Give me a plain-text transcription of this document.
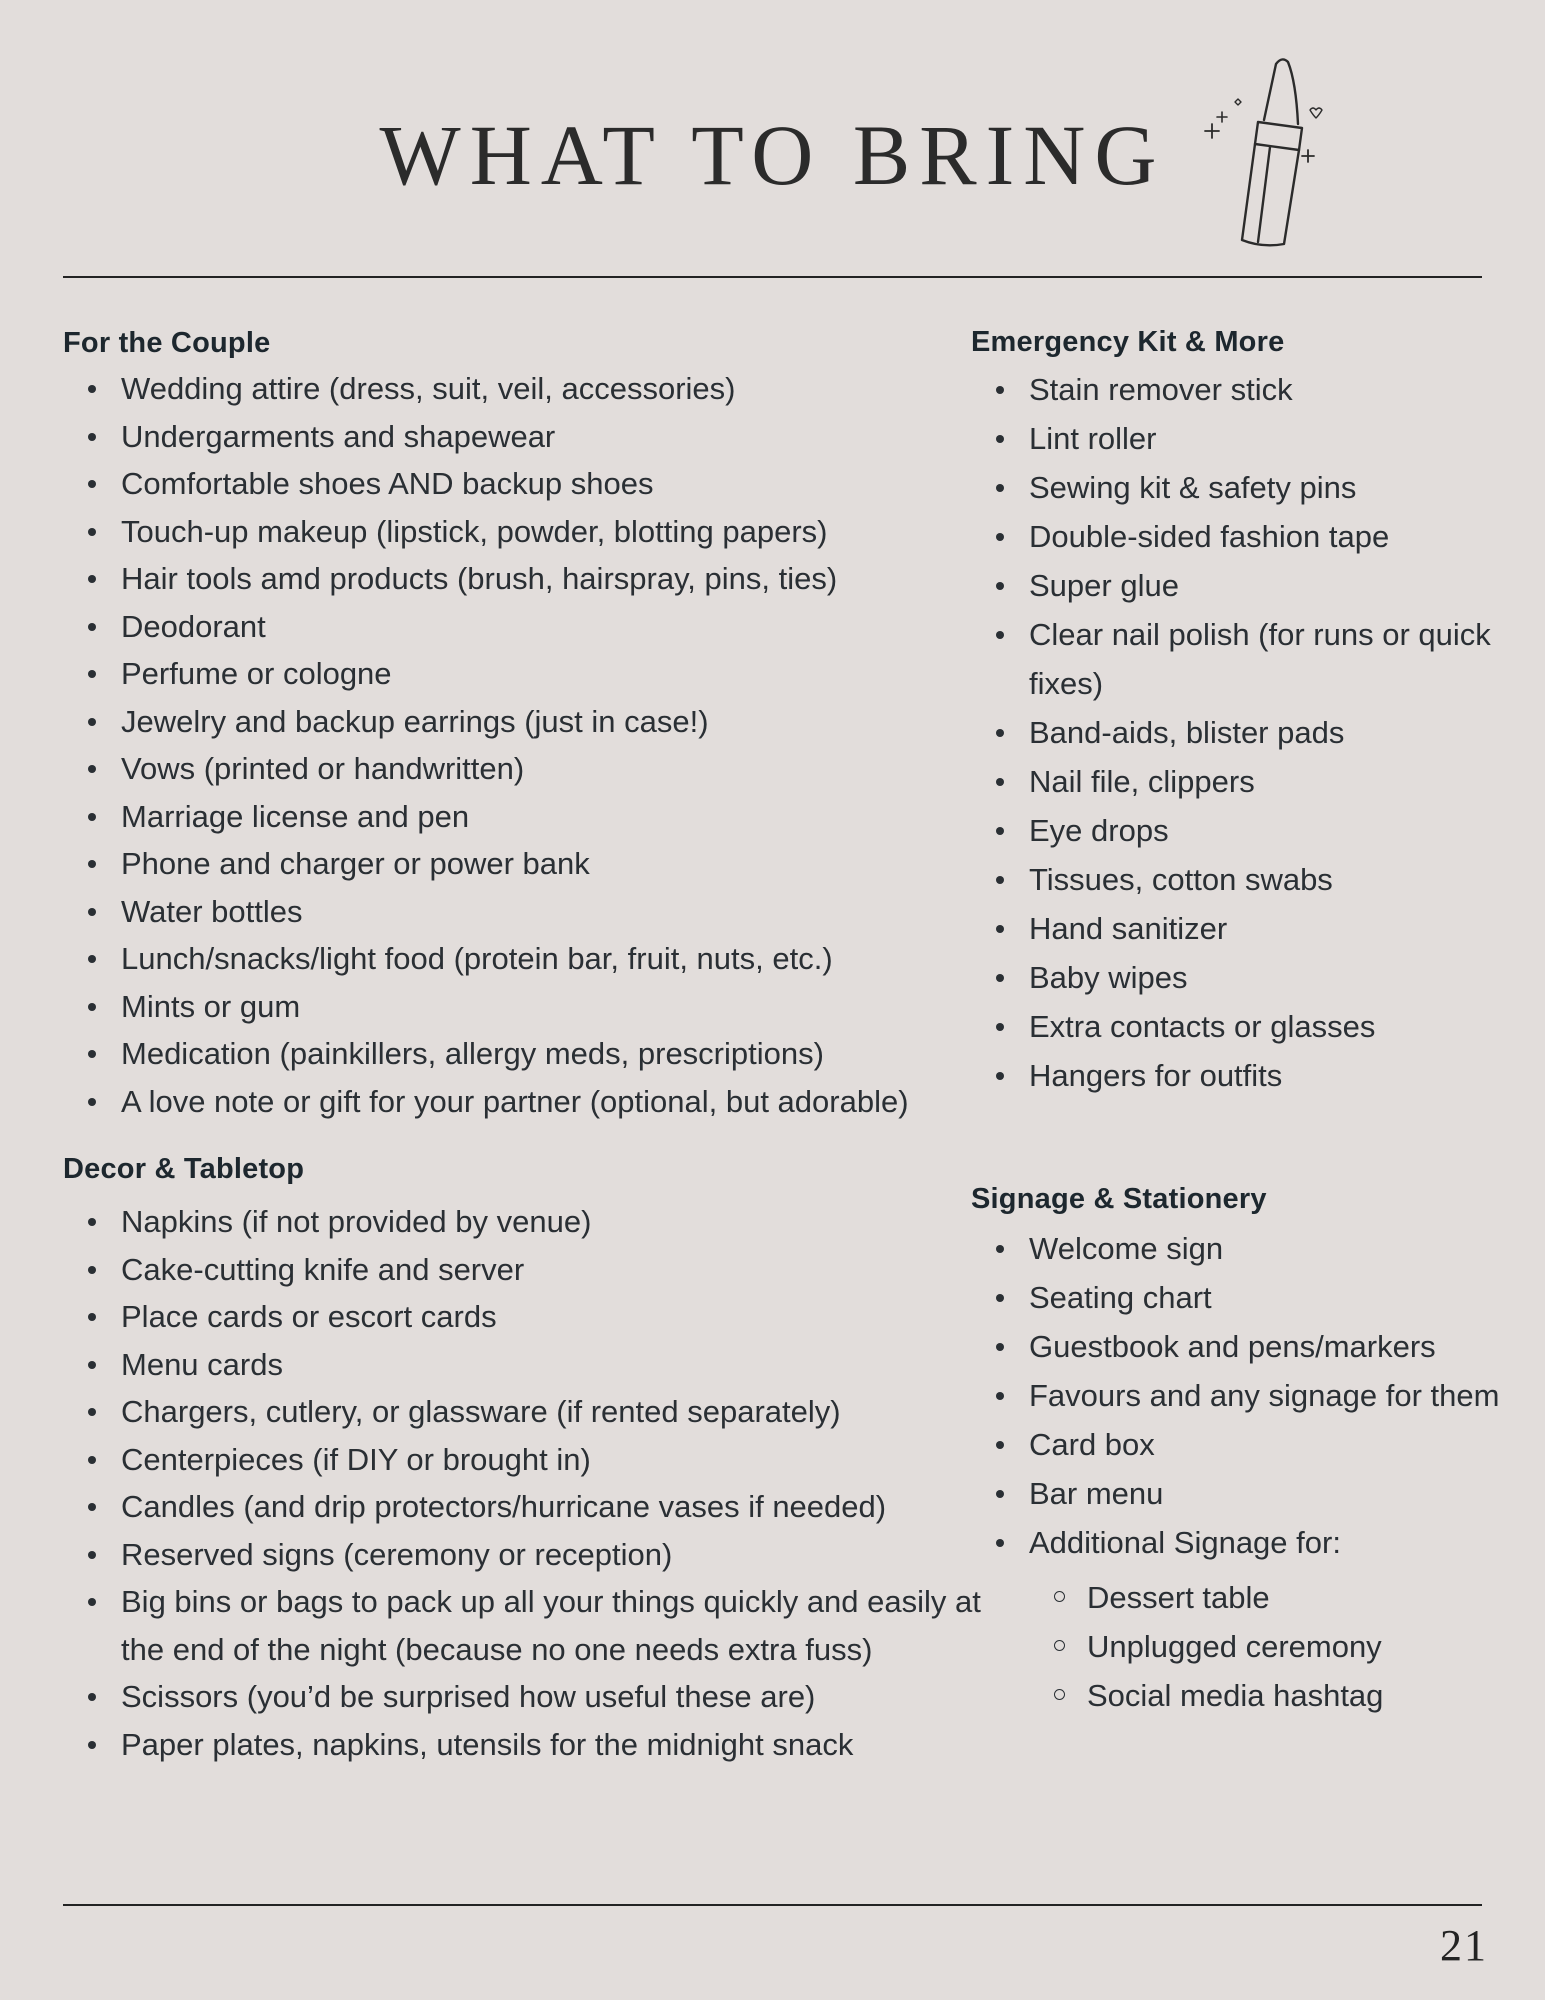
WHAT TO BRING
For the Couple
Wedding attire (dress, suit, veil, accessories)
Undergarments and shapewear
Comfortable shoes AND backup shoes
Touch-up makeup (lipstick, powder, blotting papers)
Hair tools amd products (brush, hairspray, pins, ties)
Deodorant
Perfume or cologne
Jewelry and backup earrings (just in case!)
Vows (printed or handwritten)
Marriage license and pen
Phone and charger or power bank
Water bottles
Lunch/snacks/light food (protein bar, fruit, nuts, etc.)
Mints or gum
Medication (painkillers, allergy meds, prescriptions)
A love note or gift for your partner (optional, but adorable)
Decor & Tabletop
Napkins (if not provided by venue)
Cake-cutting knife and server
Place cards or escort cards
Menu cards
Chargers, cutlery, or glassware (if rented separately)
Centerpieces (if DIY or brought in)
Candles (and drip protectors/hurricane vases if needed)
Reserved signs (ceremony or reception)
Big bins or bags to pack up all your things quickly and easily at the end of the night (because no one needs extra fuss)
Scissors (you’d be surprised how useful these are)
Paper plates, napkins, utensils for the midnight snack
Emergency Kit & More
Stain remover stick
Lint roller
Sewing kit & safety pins
Double-sided fashion tape
Super glue
Clear nail polish (for runs or quick fixes)
Band-aids, blister pads
Nail file, clippers
Eye drops
Tissues, cotton swabs
Hand sanitizer
Baby wipes
Extra contacts or glasses
Hangers for outfits
Signage & Stationery
Welcome sign
Seating chart
Guestbook and pens/markers
Favours and any signage for them
Card box
Bar menu
Additional Signage for:
Dessert table
Unplugged ceremony
Social media hashtag
21
